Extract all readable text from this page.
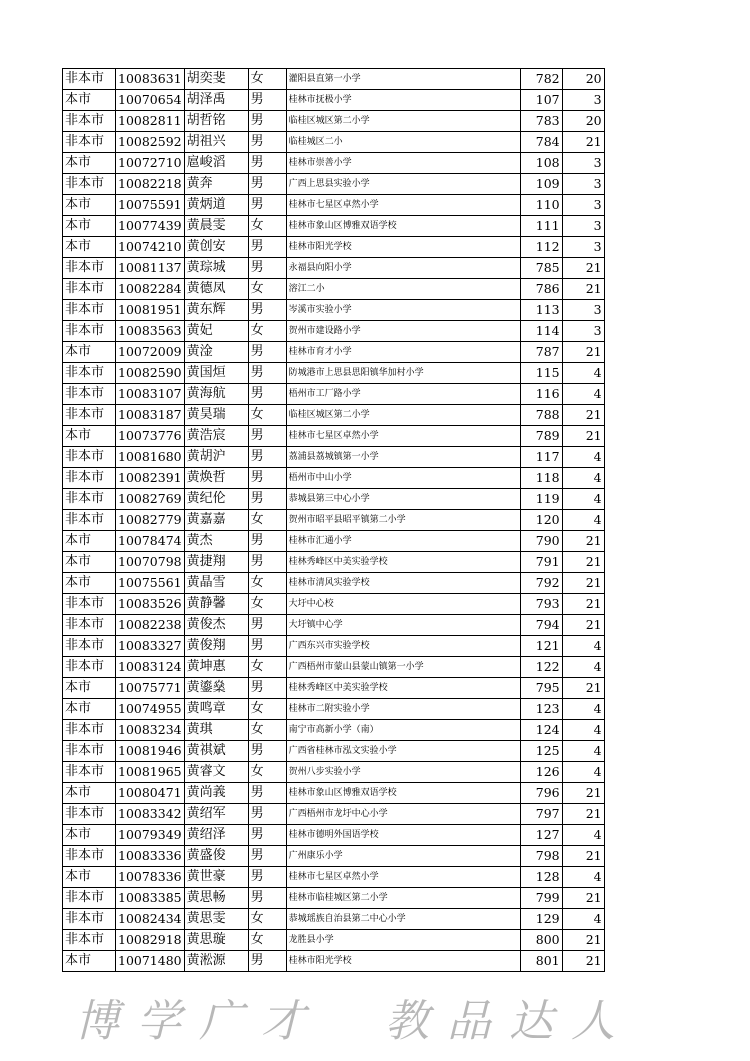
非本市	10083631	胡奕斐	女	灌阳县直第一小学	782	20
本市	10070654	胡泽禹	男	桂林市抚极小学	107	3
非本市	10082811	胡哲铭	男	临桂区城区第二小学	783	20
非本市	10082592	胡祖兴	男	临桂城区二小	784	21
本市	10072710	扈峻滔	男	桂林市崇善小学	108	3
非本市	10082218	黄奔	男	广西上思县实验小学	109	3
本市	10075591	黄炳道	男	桂林市七星区卓然小学	110	3
本市	10077439	黄晨雯	女	桂林市象山区博雅双语学校	111	3
本市	10074210	黄创安	男	桂林市阳光学校	112	3
非本市	10081137	黄琮城	男	永福县向阳小学	785	21
非本市	10082284	黄德凤	女	溶江二小	786	21
非本市	10081951	黄东辉	男	岑溪市实验小学	113	3
非本市	10083563	黄妃	女	贺州市建设路小学	114	3
本市	10072009	黄淦	男	桂林市育才小学	787	21
非本市	10082590	黄国烜	男	防城港市上思县思阳镇华加村小学	115	4
非本市	10083107	黄海航	男	梧州市工厂路小学	116	4
非本市	10083187	黄昊瑞	女	临桂区城区第二小学	788	21
本市	10073776	黄浩宸	男	桂林市七星区卓然小学	789	21
非本市	10081680	黄胡沪	男	荔浦县荔城镇第一小学	117	4
非本市	10082391	黄焕哲	男	梧州市中山小学	118	4
非本市	10082769	黄纪伦	男	恭城县第三中心小学	119	4
非本市	10082779	黄嘉嘉	女	贺州市昭平县昭平镇第二小学	120	4
本市	10078474	黄杰	男	桂林市汇通小学	790	21
本市	10070798	黄捷翔	男	桂林秀峰区中美实验学校	791	21
本市	10075561	黄晶雪	女	桂林市清风实验学校	792	21
非本市	10083526	黄静馨	女	大圩中心校	793	21
非本市	10082238	黄俊杰	男	大圩镇中心学	794	21
非本市	10083327	黄俊翔	男	广西东兴市实验学校	121	4
非本市	10083124	黄坤惠	女	广西梧州市蒙山县蒙山镇第一小学	122	4
本市	10075771	黄鎏燊	男	桂林秀峰区中美实验学校	795	21
本市	10074955	黄鸣章	女	桂林市二附实验小学	123	4
非本市	10083234	黄琪	女	南宁市高新小学（南）	124	4
非本市	10081946	黄祺斌	男	广西省桂林市泓文实验小学	125	4
非本市	10081965	黄睿文	女	贺州八步实验小学	126	4
本市	10080471	黄尚義	男	桂林市象山区博雅双语学校	796	21
非本市	10083342	黄绍军	男	广西梧州市龙圩中心小学	797	21
本市	10079349	黄绍泽	男	桂林市德明外国语学校	127	4
非本市	10083336	黄盛俊	男	广州康乐小学	798	21
本市	10078336	黄世豪	男	桂林市七星区卓然小学	128	4
非本市	10083385	黄思畅	男	桂林市临桂城区第二小学	799	21
非本市	10082434	黄思雯	女	恭城瑶族自治县第二中心小学	129	4
非本市	10082918	黄思璇	女	龙胜县小学	800	21
本市	10071480	黄淞源	男	桂林市阳光学校	801	21
博学广才　教品达人
